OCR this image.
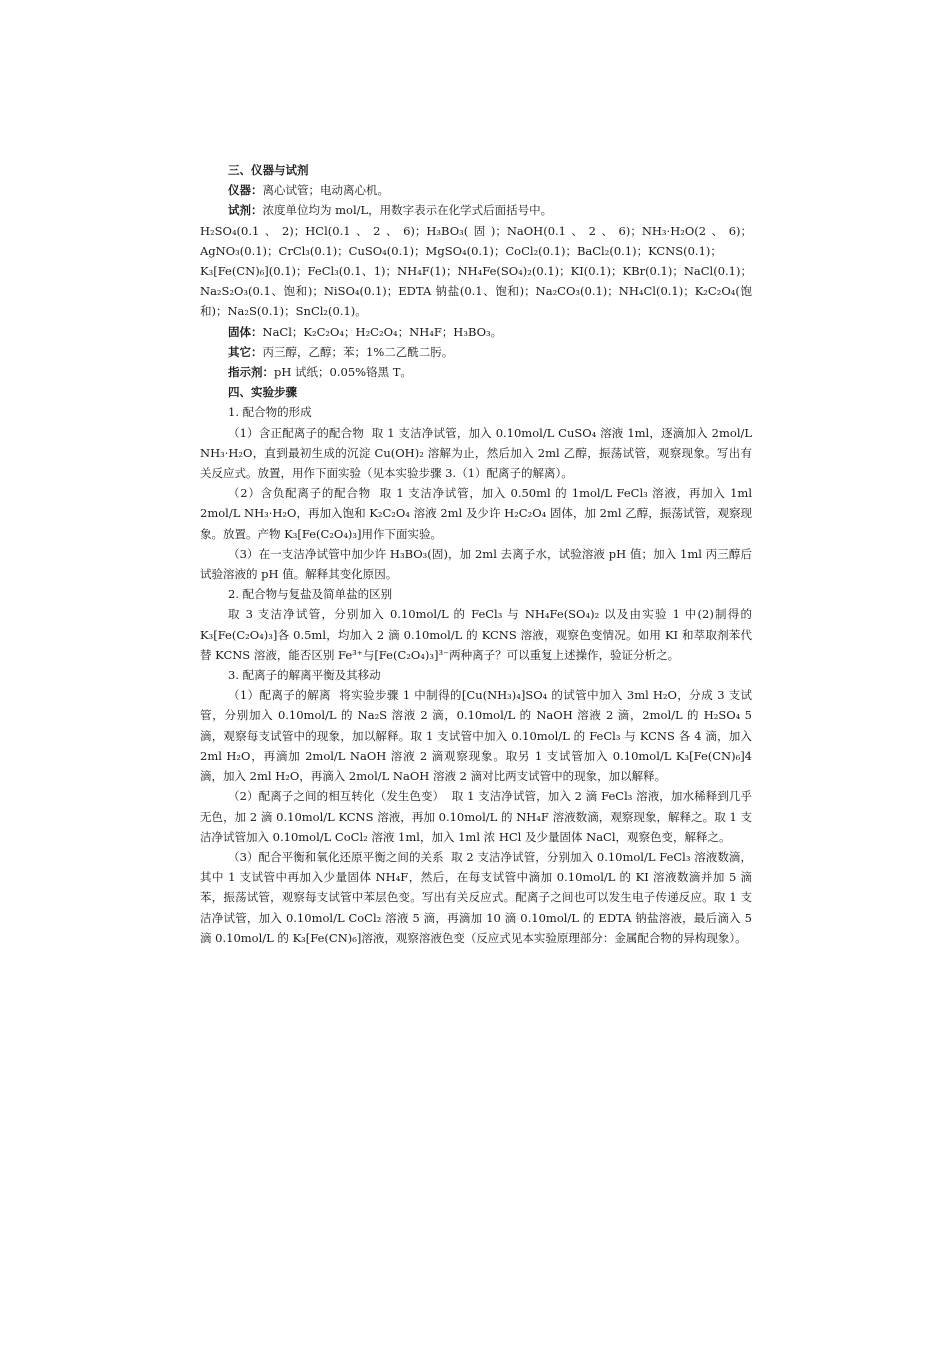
三、仪器与试剂

仪器：离心试管；电动离心机。

试剂：浓度单位均为 mol/L，用数字表示在化学式后面括号中。

H₂SO₄(0.1、2)；HCl(0.1、2、6)；H₃BO₃(固)；NaOH(0.1、2、6)；NH₃·H₂O(2、6)；AgNO₃(0.1)；CrCl₃(0.1)；CuSO₄(0.1)；MgSO₄(0.1)；CoCl₂(0.1)；BaCl₂(0.1)；KCNS(0.1)；K₃[Fe(CN)₆](0.1)；FeCl₃(0.1、1)；NH₄F(1)；NH₄Fe(SO₄)₂(0.1)；KI(0.1)；KBr(0.1)；NaCl(0.1)；Na₂S₂O₃(0.1、饱和)；NiSO₄(0.1)；EDTA 钠盐(0.1、饱和)；Na₂CO₃(0.1)；NH₄Cl(0.1)；K₂C₂O₄(饱和)；Na₂S(0.1)；SnCl₂(0.1)。

固体：NaCl；K₂C₂O₄；H₂C₂O₄；NH₄F；H₃BO₃。

其它：丙三醇，乙醇；苯；1%二乙酰二肟。

指示剂：pH 试纸；0.05%铬黑 T。

四、实验步骤

1. 配合物的形成

（1）含正配离子的配合物 取 1 支洁净试管，加入 0.10mol/L CuSO₄ 溶液 1ml，逐滴加入 2mol/L NH₃·H₂O，直到最初生成的沉淀 Cu(OH)₂ 溶解为止，然后加入 2ml 乙醇，振荡试管，观察现象。写出有关反应式。放置，用作下面实验（见本实验步骤 3.（1）配离子的解离）。

（2）含负配离子的配合物 取 1 支洁净试管，加入 0.50ml 的 1mol/L FeCl₃ 溶液，再加入 1ml 2mol/L NH₃·H₂O，再加入饱和 K₂C₂O₄ 溶液 2ml 及少许 H₂C₂O₄ 固体，加 2ml 乙醇，振荡试管，观察现象。放置。产物 K₃[Fe(C₂O₄)₃]用作下面实验。

（3）在一支洁净试管中加少许 H₃BO₃(固)，加 2ml 去离子水，试验溶液 pH 值；加入 1ml 丙三醇后试验溶液的 pH 值。解释其变化原因。

2. 配合物与复盐及简单盐的区别

取 3 支洁净试管，分别加入 0.10mol/L 的 FeCl₃ 与 NH₄Fe(SO₄)₂ 以及由实验 1 中(2)制得的 K₃[Fe(C₂O₄)₃]各 0.5ml，均加入 2 滴 0.10mol/L 的 KCNS 溶液，观察色变情况。如用 KI 和萃取剂苯代替 KCNS 溶液，能否区别 Fe³⁺与[Fe(C₂O₄)₃]³⁻两种离子？可以重复上述操作，验证分析之。

3. 配离子的解离平衡及其移动

（1）配离子的解离 将实验步骤 1 中制得的[Cu(NH₃)₄]SO₄ 的试管中加入 3ml H₂O，分成 3 支试管，分别加入 0.10mol/L 的 Na₂S 溶液 2 滴，0.10mol/L 的 NaOH 溶液 2 滴，2mol/L 的 H₂SO₄ 5 滴，观察每支试管中的现象，加以解释。取 1 支试管中加入 0.10mol/L 的 FeCl₃ 与 KCNS 各 4 滴，加入 2ml H₂O，再滴加 2mol/L NaOH 溶液 2 滴观察现象。取另 1 支试管加入 0.10mol/L K₃[Fe(CN)₆]4 滴，加入 2ml H₂O，再滴入 2mol/L NaOH 溶液 2 滴对比两支试管中的现象，加以解释。

（2）配离子之间的相互转化（发生色变） 取 1 支洁净试管，加入 2 滴 FeCl₃ 溶液，加水稀释到几乎无色，加 2 滴 0.10mol/L KCNS 溶液，再加 0.10mol/L 的 NH₄F 溶液数滴，观察现象，解释之。取 1 支洁净试管加入 0.10mol/L CoCl₂ 溶液 1ml，加入 1ml 浓 HCl 及少量固体 NaCl，观察色变，解释之。

（3）配合平衡和氧化还原平衡之间的关系 取 2 支洁净试管，分别加入 0.10mol/L FeCl₃ 溶液数滴，其中 1 支试管中再加入少量固体 NH₄F，然后，在每支试管中滴加 0.10mol/L 的 KI 溶液数滴并加 5 滴苯，振荡试管，观察每支试管中苯层色变。写出有关反应式。配离子之间也可以发生电子传递反应。取 1 支洁净试管，加入 0.10mol/L CoCl₂ 溶液 5 滴，再滴加 10 滴 0.10mol/L 的 EDTA 钠盐溶液，最后滴入 5 滴 0.10mol/L 的 K₃[Fe(CN)₆]溶液，观察溶液色变（反应式见本实验原理部分：金属配合物的异构现象）。
